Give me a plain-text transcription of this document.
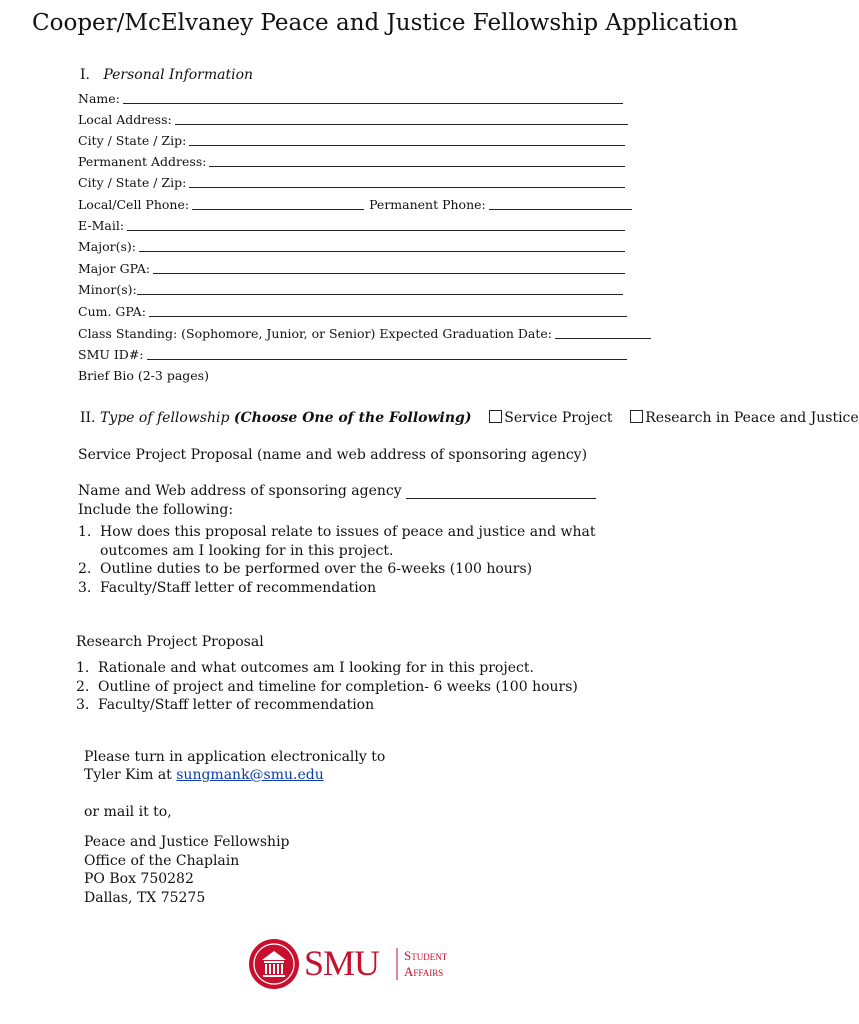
Cooper/McElvaney Peace and Justice Fellowship Application
I. Personal Information
Name:
Local Address:
City / State / Zip:
Permanent Address:
City / State / Zip:
Local/Cell Phone:	Permanent Phone:
E-Mail:
Major(s):
Major GPA:
Minor(s):
Cum. GPA:
Class Standing: (Sophomore, Junior, or Senior) Expected Graduation Date:
SMU ID#:
Brief Bio (2-3 pages)
II. Type of fellowship (Choose One of the Following) Service Project Research in Peace and Justice
Service Project Proposal (name and web address of sponsoring agency)
Name and Web address of sponsoring agency
Include the following:
1. How does this proposal relate to issues of peace and justice and what
outcomes am I looking for in this project.
2. Outline duties to be performed over the 6-weeks (100 hours)
3. Faculty/Staff letter of recommendation
Research Project Proposal
1. Rationale and what outcomes am I looking for in this project.
2. Outline of project and timeline for completion- 6 weeks (100 hours)
3. Faculty/Staff letter of recommendation
Please turn in application electronically to
Tyler Kim at sungmank@smu.edu
or mail it to,
Peace and Justice Fellowship
Office of the Chaplain
PO Box 750282
Dallas, TX 75275
SMU Student
Affairs
